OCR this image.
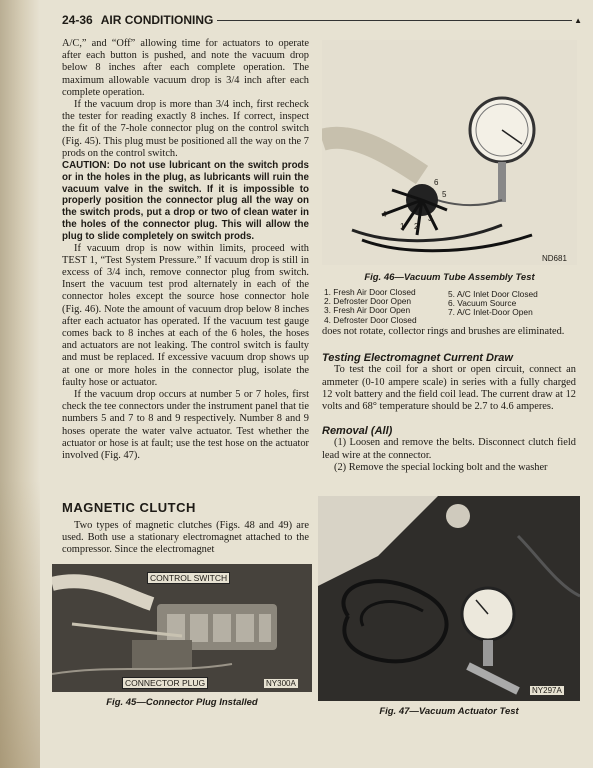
24-36 AIR CONDITIONING	▲

A/C,” and “Off” allowing time for actuators to operate after each button is pushed, and note the vacuum drop below 8 inches after each complete operation. The maximum allowable vacuum drop is 3/4 inch after each complete operation.

If the vacuum drop is more than 3/4 inch, first recheck the tester for reading exactly 8 inches. If correct, inspect the fit of the 7-hole connector plug on the control switch (Fig. 45). This plug must be positioned all the way on the 7 prods on the control switch.

CAUTION: Do not use lubricant on the switch prods or in the holes in the plug, as lubricants will ruin the vacuum valve in the switch. If it is impossible to properly position the connector plug all the way on the switch prods, put a drop or two of clean water in the holes of the connector plug. This will allow the plug to slide completely on switch prods.

If vacuum drop is now within limits, proceed with TEST 1, “Test System Pressure.” If vacuum drop is still in excess of 3/4 inch, remove connector plug from switch. Insert the vacuum test prod alternately in each of the connector holes except the source hose connector hole (Fig. 46). Note the amount of vacuum drop below 8 inches after each actuator has operated. If the vacuum test gauge comes back to 8 inches at each of the 6 holes, the hoses and actuators are not leaking. The control switch is faulty and must be replaced. If excessive vacuum drop shows up at one or more holes in the connector plug, isolate the faulty hose or actuator.

If the vacuum drop occurs at number 5 or 7 holes, first check the tee connectors under the instrument panel that tie numbers 5 and 7 to 8 and 9 respectively. Number 8 and 9 hoses operate the water valve actuator. Test whether the actuator or hose is at fault; use the test hose on the actuator involved (Fig. 47).

MAGNETIC CLUTCH

Two types of magnetic clutches (Figs. 48 and 49) are used. Both use a stationary electromagnet attached to the compressor. Since the electromagnet

CONTROL SWITCH
CONNECTOR PLUG	NY300A
Fig. 45—Connector Plug Installed
1 2
3
4
5
6
ND681
Fig. 46—Vacuum Tube Assembly Test
1. Fresh Air Door Closed
2. Defroster Door Open
3. Fresh Air Door Open
4. Defroster Door Closed
5. A/C Inlet Door Closed
6. Vacuum Source
7. A/C Inlet-Door Open

does not rotate, collector rings and brushes are eliminated.

Testing Electromagnet Current Draw

To test the coil for a short or open circuit, connect an ammeter (0-10 ampere scale) in series with a fully charged 12 volt battery and the field coil lead. The current draw at 12 volts and 68° temperature should be 2.7 to 4.6 amperes.

Removal (All)

(1) Loosen and remove the belts. Disconnect clutch field lead wire at the connector.

(2) Remove the special locking bolt and the washer

NY297A
Fig. 47—Vacuum Actuator Test
